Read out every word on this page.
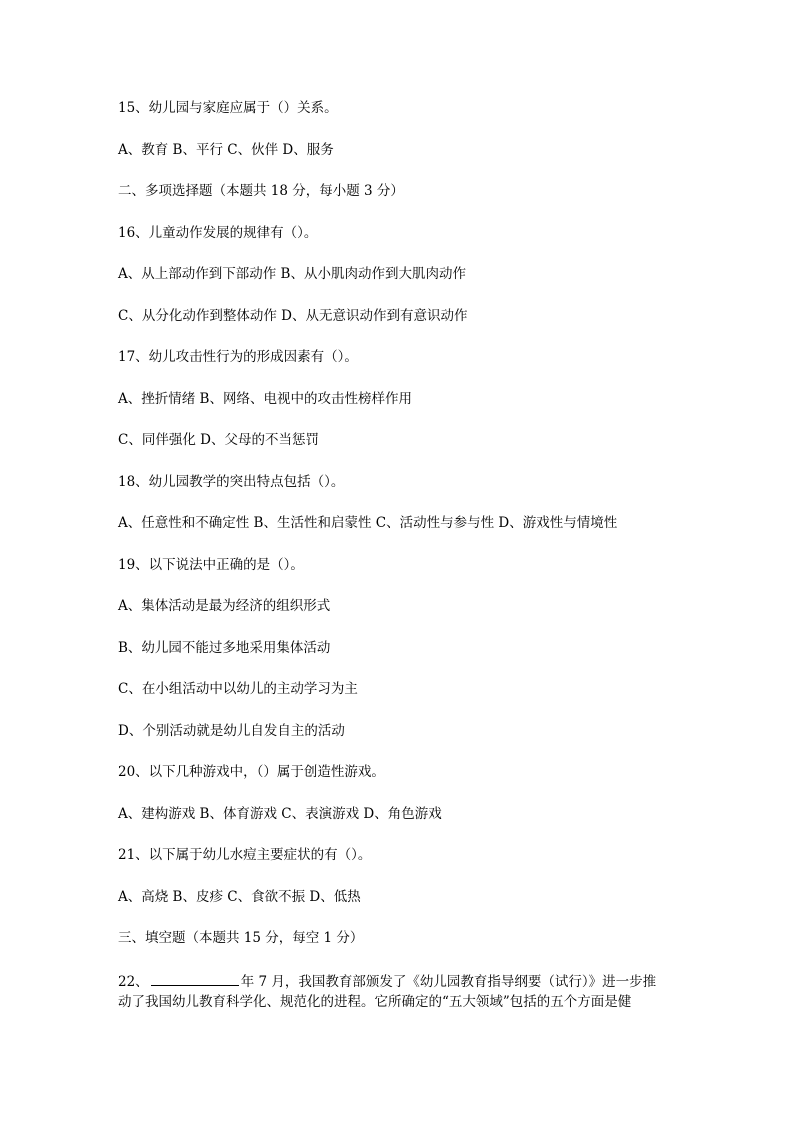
15、幼儿园与家庭应属于（）关系。
A、教育 B、平行 C、伙伴 D、服务
二、多项选择题（本题共 18 分，每小题 3 分）
16、儿童动作发展的规律有（）。
A、从上部动作到下部动作 B、从小肌肉动作到大肌肉动作
C、从分化动作到整体动作 D、从无意识动作到有意识动作
17、幼儿攻击性行为的形成因素有（）。
A、挫折情绪 B、网络、电视中的攻击性榜样作用
C、同伴强化 D、父母的不当惩罚
18、幼儿园教学的突出特点包括（）。
A、任意性和不确定性 B、生活性和启蒙性 C、活动性与参与性 D、游戏性与情境性
19、以下说法中正确的是（）。
A、集体活动是最为经济的组织形式
B、幼儿园不能过多地采用集体活动
C、在小组活动中以幼儿的主动学习为主
D、个别活动就是幼儿自发自主的活动
20、以下几种游戏中，（）属于创造性游戏。
A、建构游戏 B、体育游戏 C、表演游戏 D、角色游戏
21、以下属于幼儿水痘主要症状的有（）。
A、高烧 B、皮疹 C、食欲不振 D、低热
三、填空题（本题共 15 分，每空 1 分）
22、	年 7 月，我国教育部颁发了《幼儿园教育指导纲要（试行）》进一步推
动了我国幼儿教育科学化、规范化的进程。它所确定的“五大领域”包括的五个方面是健
